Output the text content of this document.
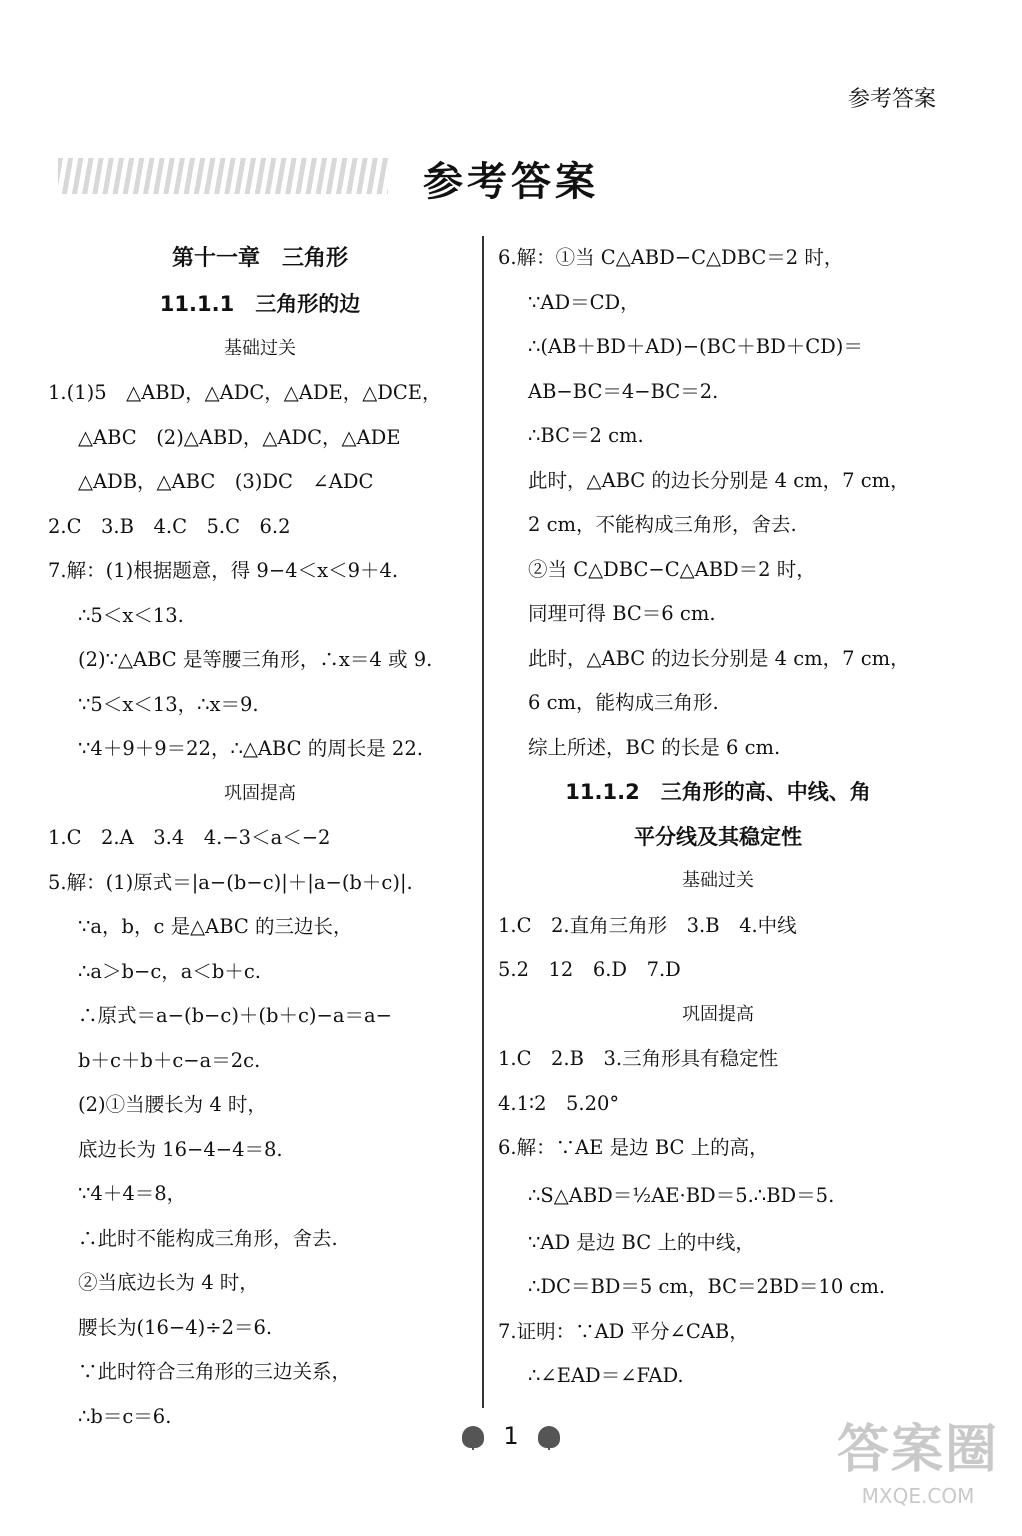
参考答案
参考答案
第十一章　三角形
11.1.1　三角形的边
基础过关
1.(1)5　△ABD，△ADC，△ADE，△DCE，
△ABC　(2)△ABD，△ADC，△ADE
△ADB，△ABC　(3)DC　∠ADC
2.C　3.B　4.C　5.C　6.2
7.解：(1)根据题意，得 9−4＜x＜9＋4.
∴5＜x＜13.
(2)∵△ABC 是等腰三角形，∴x＝4 或 9.
∵5＜x＜13，∴x＝9.
∵4＋9＋9＝22，∴△ABC 的周长是 22.
巩固提高
1.C　2.A　3.4　4.−3＜a＜−2
5.解：(1)原式＝|a−(b−c)|＋|a−(b＋c)|.
∵a，b，c 是△ABC 的三边长，
∴a＞b−c，a＜b＋c.
∴原式＝a−(b−c)＋(b＋c)−a＝a−
b＋c＋b＋c−a＝2c.
(2)①当腰长为 4 时，
底边长为 16−4−4＝8.
∵4＋4＝8，
∴此时不能构成三角形，舍去.
②当底边长为 4 时，
腰长为(16−4)÷2＝6.
∵此时符合三角形的三边关系，
∴b＝c＝6.
6.解：①当 C△ABD−C△DBC＝2 时，
∵AD＝CD，
∴(AB＋BD＋AD)−(BC＋BD＋CD)＝
AB−BC＝4−BC＝2.
∴BC＝2 cm.
此时，△ABC 的边长分别是 4 cm，7 cm，
2 cm，不能构成三角形，舍去.
②当 C△DBC−C△ABD＝2 时，
同理可得 BC＝6 cm.
此时，△ABC 的边长分别是 4 cm，7 cm，
6 cm，能构成三角形.
综上所述，BC 的长是 6 cm.
11.1.2　三角形的高、中线、角
平分线及其稳定性
基础过关
1.C　2.直角三角形　3.B　4.中线
5.2　12　6.D　7.D
巩固提高
1.C　2.B　3.三角形具有稳定性
4.1∶2　5.20°
6.解：∵AE 是边 BC 上的高，
∴S△ABD＝½AE·BD＝5.∴BD＝5.
∵AD 是边 BC 上的中线，
∴DC＝BD＝5 cm，BC＝2BD＝10 cm.
7.证明：∵AD 平分∠CAB，
∴∠EAD＝∠FAD.
1	答案圈
MXQE.COM
